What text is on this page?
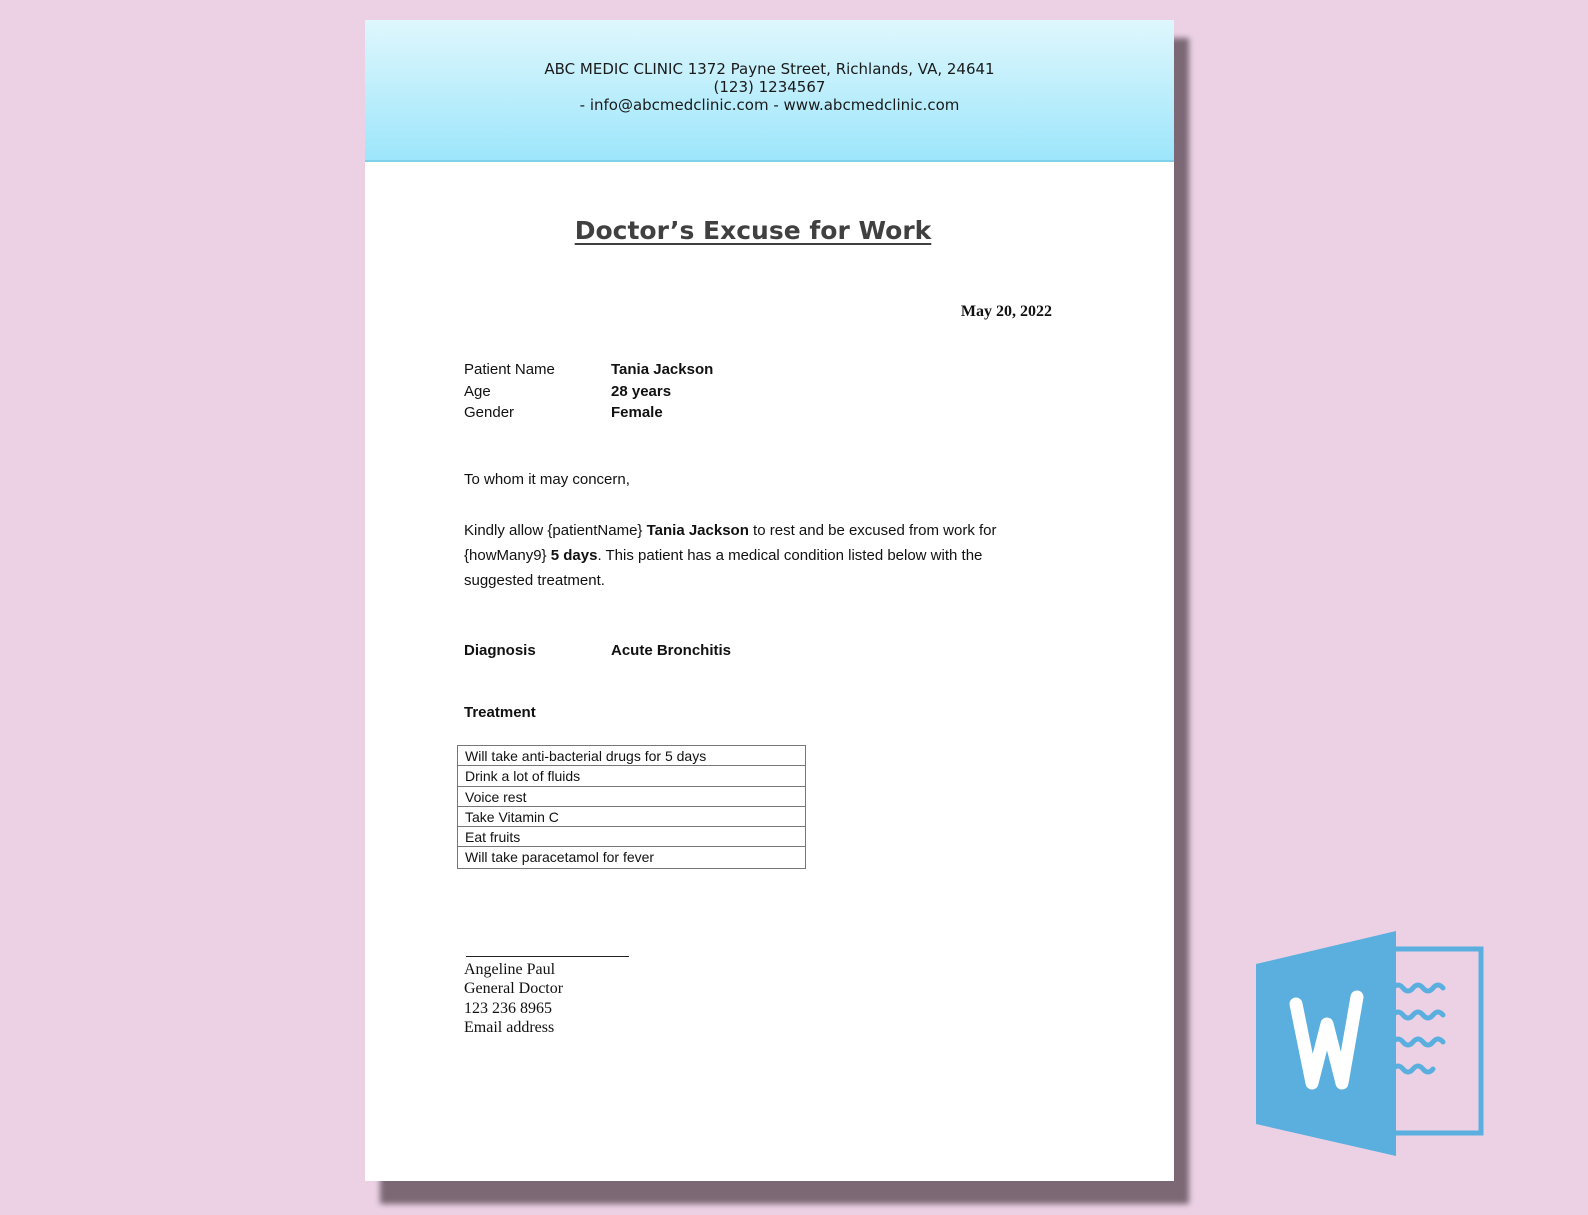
ABC MEDIC CLINIC 1372 Payne Street, Richlands, VA, 24641
(123) 1234567
- info@abcmedclinic.com - www.abcmedclinic.com
Doctor’s Excuse for Work
May 20, 2022
Patient Name	Tania Jackson
Age	28 years
Gender	Female
To whom it may concern,
Kindly allow {patientName} Tania Jackson to rest and be excused from work for {howMany9} 5 days. This patient has a medical condition listed below with the suggested treatment.
Diagnosis	Acute Bronchitis
Treatment
Will take anti-bacterial drugs for 5 days
Drink a lot of fluids
Voice rest
Take Vitamin C
Eat fruits
Will take paracetamol for fever
Angeline Paul
General Doctor
123 236 8965
Email address
